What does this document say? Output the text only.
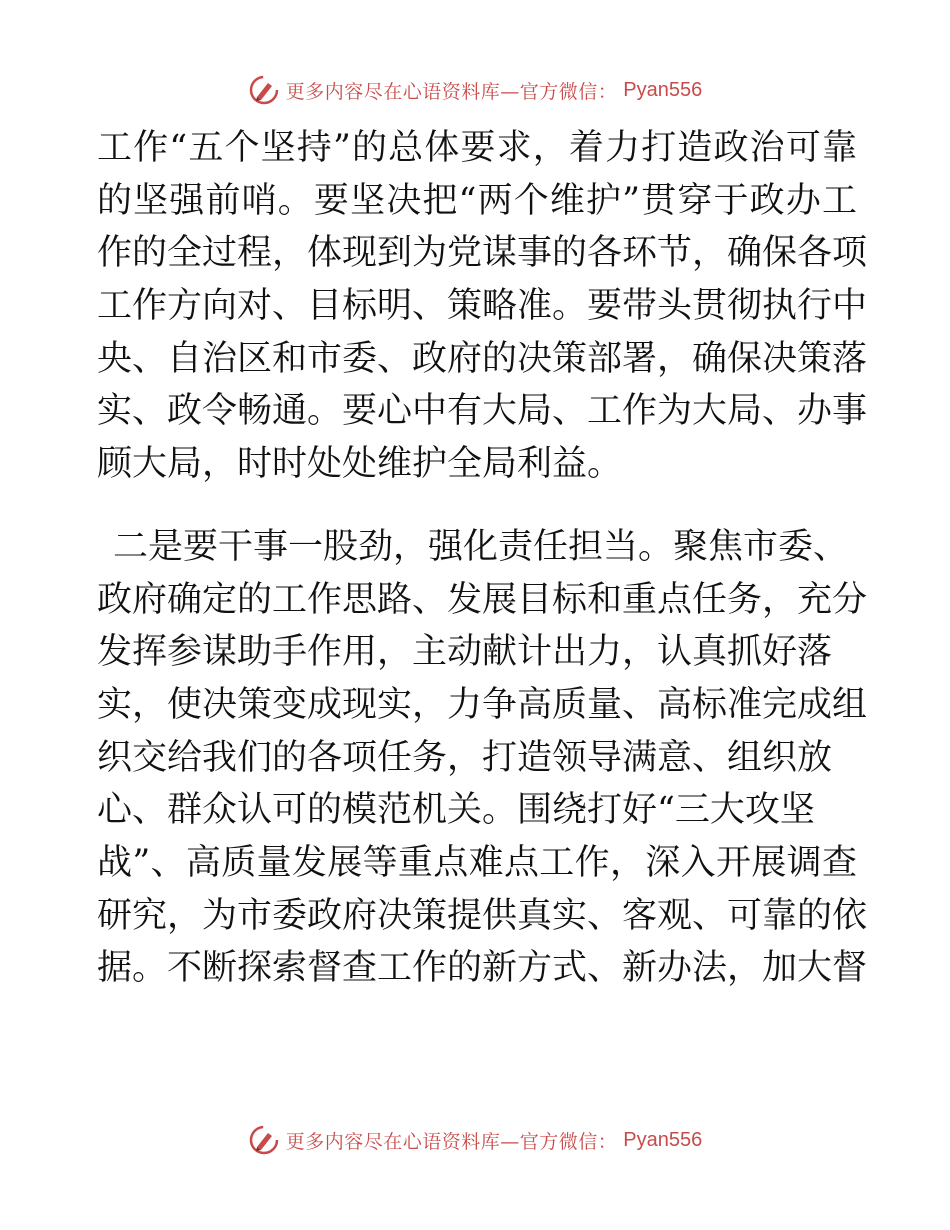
更多内容尽在心语资料库—官方微信： Pyan556
工作“五个坚持”的总体要求，着力打造政治可靠
的坚强前哨。要坚决把“两个维护”贯穿于政办工
作的全过程，体现到为党谋事的各环节，确保各项
工作方向对、目标明、策略准。要带头贯彻执行中
央、自治区和市委、政府的决策部署，确保决策落
实、政令畅通。要心中有大局、工作为大局、办事
顾大局，时时处处维护全局利益。
二是要干事一股劲，强化责任担当。聚焦市委、
政府确定的工作思路、发展目标和重点任务，充分
发挥参谋助手作用，主动献计出力，认真抓好落
实，使决策变成现实，力争高质量、高标准完成组
织交给我们的各项任务，打造领导满意、组织放
心、群众认可的模范机关。围绕打好“三大攻坚
战”、高质量发展等重点难点工作，深入开展调查
研究，为市委政府决策提供真实、客观、可靠的依
据。不断探索督查工作的新方式、新办法，加大督
更多内容尽在心语资料库—官方微信： Pyan556
